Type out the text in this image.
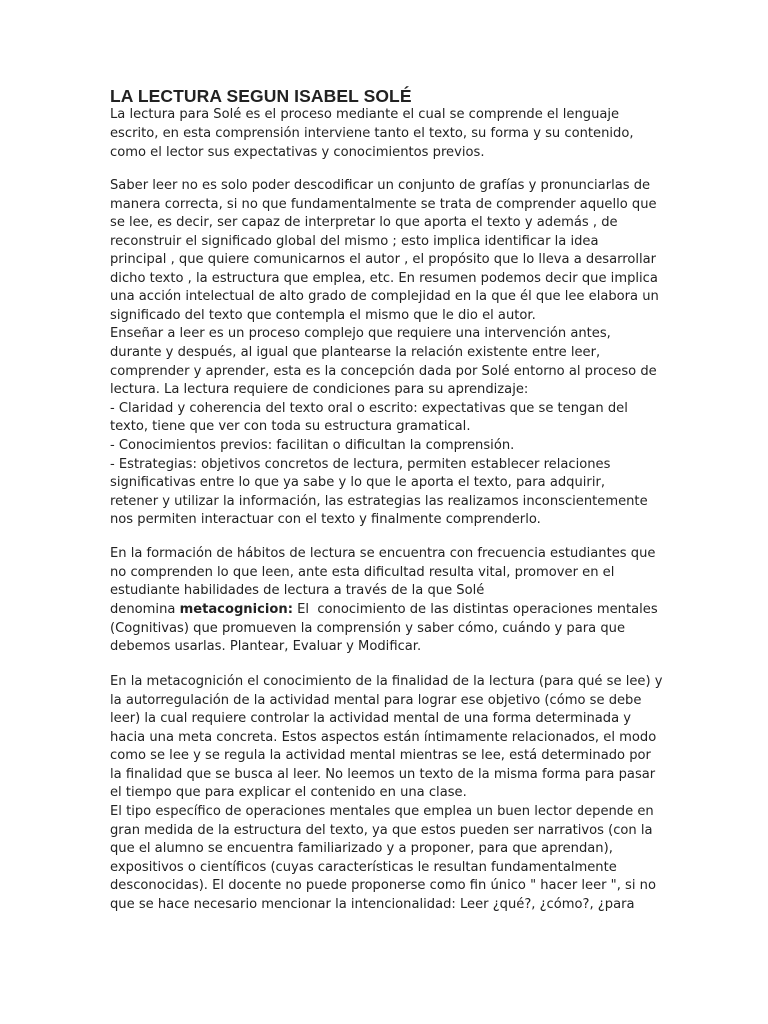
LA LECTURA SEGUN ISABEL SOLÉ

La lectura para Solé es el proceso mediante el cual se comprende el lenguaje

escrito, en esta comprensión interviene tanto el texto, su forma y su contenido,

como el lector sus expectativas y conocimientos previos.

Saber leer no es solo poder descodificar un conjunto de grafías y pronunciarlas de

manera correcta, si no que fundamentalmente se trata de comprender aquello que

se lee, es decir, ser capaz de interpretar lo que aporta el texto y además , de

reconstruir el significado global del mismo ; esto implica identificar la idea

principal , que quiere comunicarnos el autor , el propósito que lo lleva a desarrollar

dicho texto , la estructura que emplea, etc. En resumen podemos decir que implica

una acción intelectual de alto grado de complejidad en la que él que lee elabora un

significado del texto que contempla el mismo que le dio el autor.

Enseñar a leer es un proceso complejo que requiere una intervención antes,

durante y después, al igual que plantearse la relación existente entre leer,

comprender y aprender, esta es la concepción dada por Solé entorno al proceso de

lectura. La lectura requiere de condiciones para su aprendizaje:

- Claridad y coherencia del texto oral o escrito: expectativas que se tengan del

texto, tiene que ver con toda su estructura gramatical.

- Conocimientos previos: facilitan o dificultan la comprensión.

- Estrategias: objetivos concretos de lectura, permiten establecer relaciones

significativas entre lo que ya sabe y lo que le aporta el texto, para adquirir,

retener y utilizar la información, las estrategias las realizamos inconscientemente

nos permiten interactuar con el texto y finalmente comprenderlo.

En la formación de hábitos de lectura se encuentra con frecuencia estudiantes que

no comprenden lo que leen, ante esta dificultad resulta vital, promover en el

estudiante habilidades de lectura a través de la que Solé

denomina metacognicion: El  conocimiento de las distintas operaciones mentales

(Cognitivas) que promueven la comprensión y saber cómo, cuándo y para que

debemos usarlas. Plantear, Evaluar y Modificar.

En la metacognición el conocimiento de la finalidad de la lectura (para qué se lee) y

la autorregulación de la actividad mental para lograr ese objetivo (cómo se debe

leer) la cual requiere controlar la actividad mental de una forma determinada y

hacia una meta concreta. Estos aspectos están íntimamente relacionados, el modo

como se lee y se regula la actividad mental mientras se lee, está determinado por

la finalidad que se busca al leer. No leemos un texto de la misma forma para pasar

el tiempo que para explicar el contenido en una clase.

El tipo específico de operaciones mentales que emplea un buen lector depende en

gran medida de la estructura del texto, ya que estos pueden ser narrativos (con la

que el alumno se encuentra familiarizado y a proponer, para que aprendan),

expositivos o científicos (cuyas características le resultan fundamentalmente

desconocidas). El docente no puede proponerse como fin único " hacer leer ", si no

que se hace necesario mencionar la intencionalidad: Leer ¿qué?, ¿cómo?, ¿para
